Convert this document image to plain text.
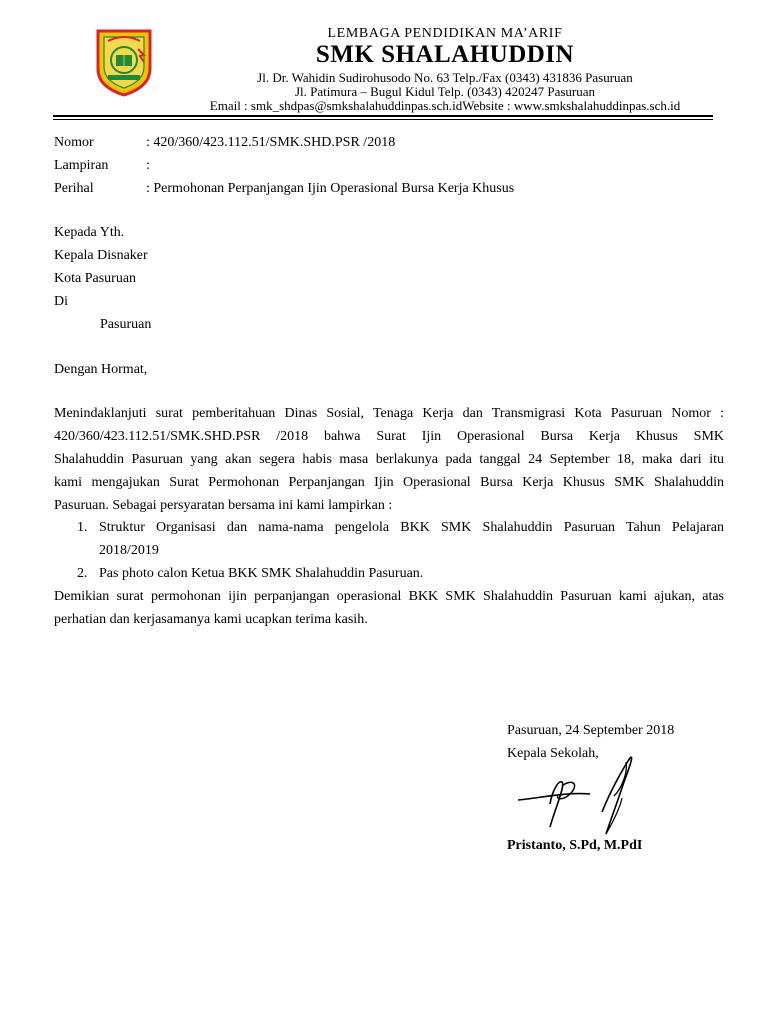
LEMBAGA PENDIDIKAN MA’ARIF
SMK SHALAHUDDIN
Jl. Dr. Wahidin Sudirohusodo No. 63 Telp./Fax (0343) 431836 Pasuruan
Jl. Patimura – Bugul Kidul Telp. (0343) 420247 Pasuruan
Email : smk_shdpas@smkshalahuddinpas.sch.idWebsite : www.smkshalahuddinpas.sch.id
Nomor	: 420/360/423.112.51/SMK.SHD.PSR /2018
Lampiran	:
Perihal	: Permohonan Perpanjangan Ijin Operasional Bursa Kerja Khusus
Kepada Yth.
Kepala Disnaker
Kota Pasuruan
Di
Pasuruan
Dengan Hormat,
Menindaklanjuti surat pemberitahuan Dinas Sosial, Tenaga Kerja dan Transmigrasi Kota Pasuruan Nomor :
420/360/423.112.51/SMK.SHD.PSR /2018 bahwa Surat Ijin Operasional Bursa Kerja Khusus SMK
Shalahuddin Pasuruan yang akan segera habis masa berlakunya pada tanggal 24 September 18, maka dari itu
kami mengajukan Surat Permohonan Perpanjangan Ijin Operasional Bursa Kerja Khusus SMK Shalahuddin
Pasuruan. Sebagai persyaratan bersama ini kami lampirkan :
1. Struktur Organisasi dan nama-nama pengelola BKK SMK Shalahuddin Pasuruan Tahun Pelajaran
2018/2019
2. Pas photo calon Ketua BKK SMK Shalahuddin Pasuruan.
Demikian surat permohonan ijin perpanjangan operasional BKK SMK Shalahuddin Pasuruan kami ajukan, atas
perhatian dan kerjasamanya kami ucapkan terima kasih.
Pasuruan, 24 September 2018
Kepala Sekolah,
Pristanto, S.Pd, M.PdI
